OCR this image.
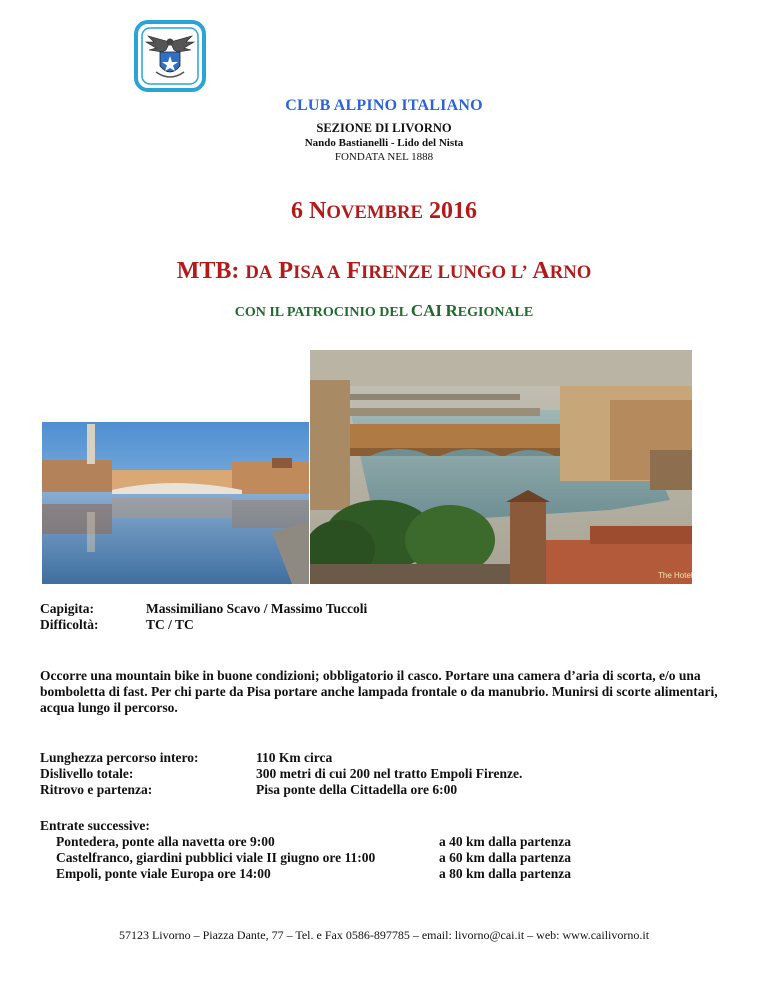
CLUB ALPINO ITALIANO
SEZIONE DI LIVORNO
Nando Bastianelli - Lido del Nista
FONDATA NEL 1888
6 NOVEMBRE 2016
MTB: DA PISA A FIRENZE LUNGO L’ ARNO
CON IL PATROCINIO DEL CAI REGIONALE
The Hotel
Capigita:	Massimiliano Scavo / Massimo Tuccoli
Difficoltà:	TC / TC
Occorre una mountain bike in buone condizioni; obbligatorio il casco. Portare una camera d’aria di scorta, e/o una bomboletta di fast. Per chi parte da Pisa portare anche lampada frontale o da manubrio. Munirsi di scorte alimentari, acqua lungo il percorso.
Lunghezza percorso intero:	110 Km circa
Dislivello totale:	300 metri di cui 200 nel tratto Empoli Firenze.
Ritrovo e partenza:	Pisa ponte della Cittadella ore 6:00
Entrate successive:
Pontedera, ponte alla navetta ore 9:00	a 40 km dalla partenza
Castelfranco, giardini pubblici viale II giugno ore 11:00	a 60 km dalla partenza
Empoli, ponte viale Europa ore 14:00	a 80 km dalla partenza
57123 Livorno – Piazza Dante, 77 – Tel. e Fax 0586-897785 – email: livorno@cai.it – web: www.cailivorno.it
